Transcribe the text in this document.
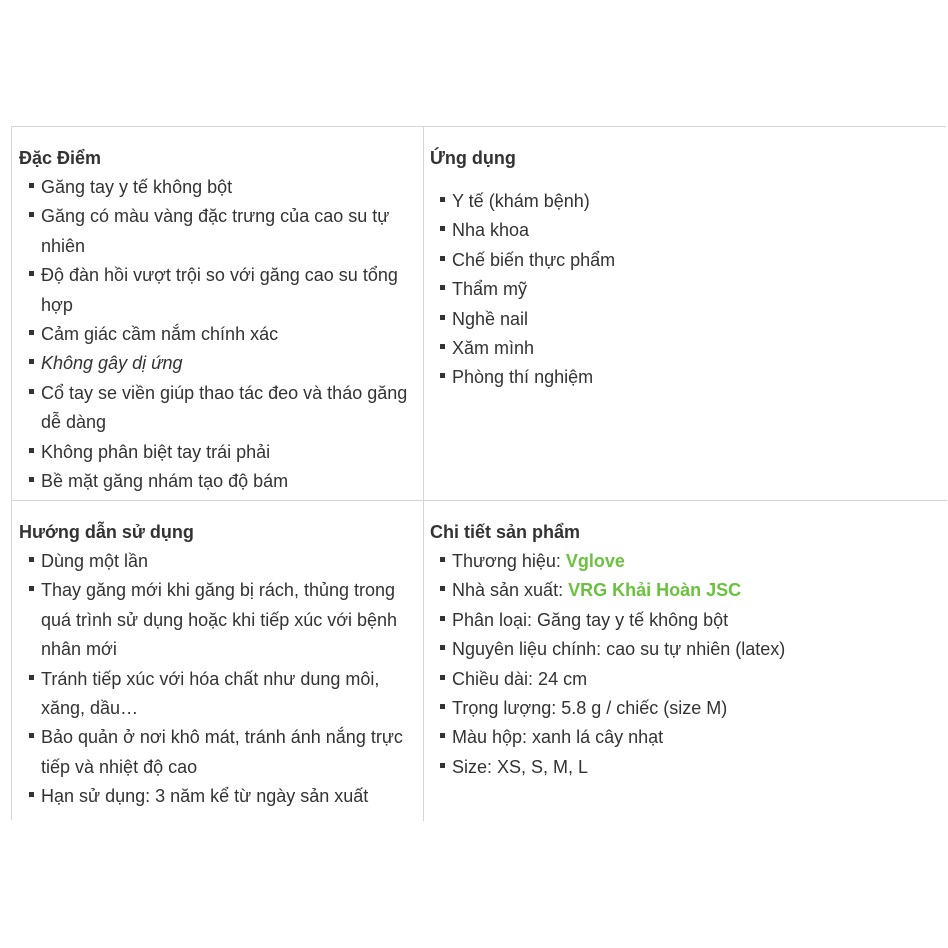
Đặc Điểm
Găng tay y tế không bột
Găng có màu vàng đặc trưng của cao su tự nhiên
Độ đàn hồi vượt trội so với găng cao su tổng hợp
Cảm giác cầm nắm chính xác
Không gây dị ứng
Cổ tay se viền giúp thao tác đeo và tháo găng dễ dàng
Không phân biệt tay trái phải
Bề mặt găng nhám tạo độ bám
Ứng dụng
Y tế (khám bệnh)
Nha khoa
Chế biến thực phẩm
Thẩm mỹ
Nghề nail
Xăm mình
Phòng thí nghiệm
Hướng dẫn sử dụng
Dùng một lần
Thay găng mới khi găng bị rách, thủng trong quá trình sử dụng hoặc khi tiếp xúc với bệnh nhân mới
Tránh tiếp xúc với hóa chất như dung môi, xăng, dầu…
Bảo quản ở nơi khô mát, tránh ánh nắng trực tiếp và nhiệt độ cao
Hạn sử dụng: 3 năm kể từ ngày sản xuất
Chi tiết sản phẩm
Thương hiệu: Vglove
Nhà sản xuất: VRG Khải Hoàn JSC
Phân loại: Găng tay y tế không bột
Nguyên liệu chính: cao su tự nhiên (latex)
Chiều dài: 24 cm
Trọng lượng: 5.8 g / chiếc (size M)
Màu hộp: xanh lá cây nhạt
Size: XS, S, M, L
